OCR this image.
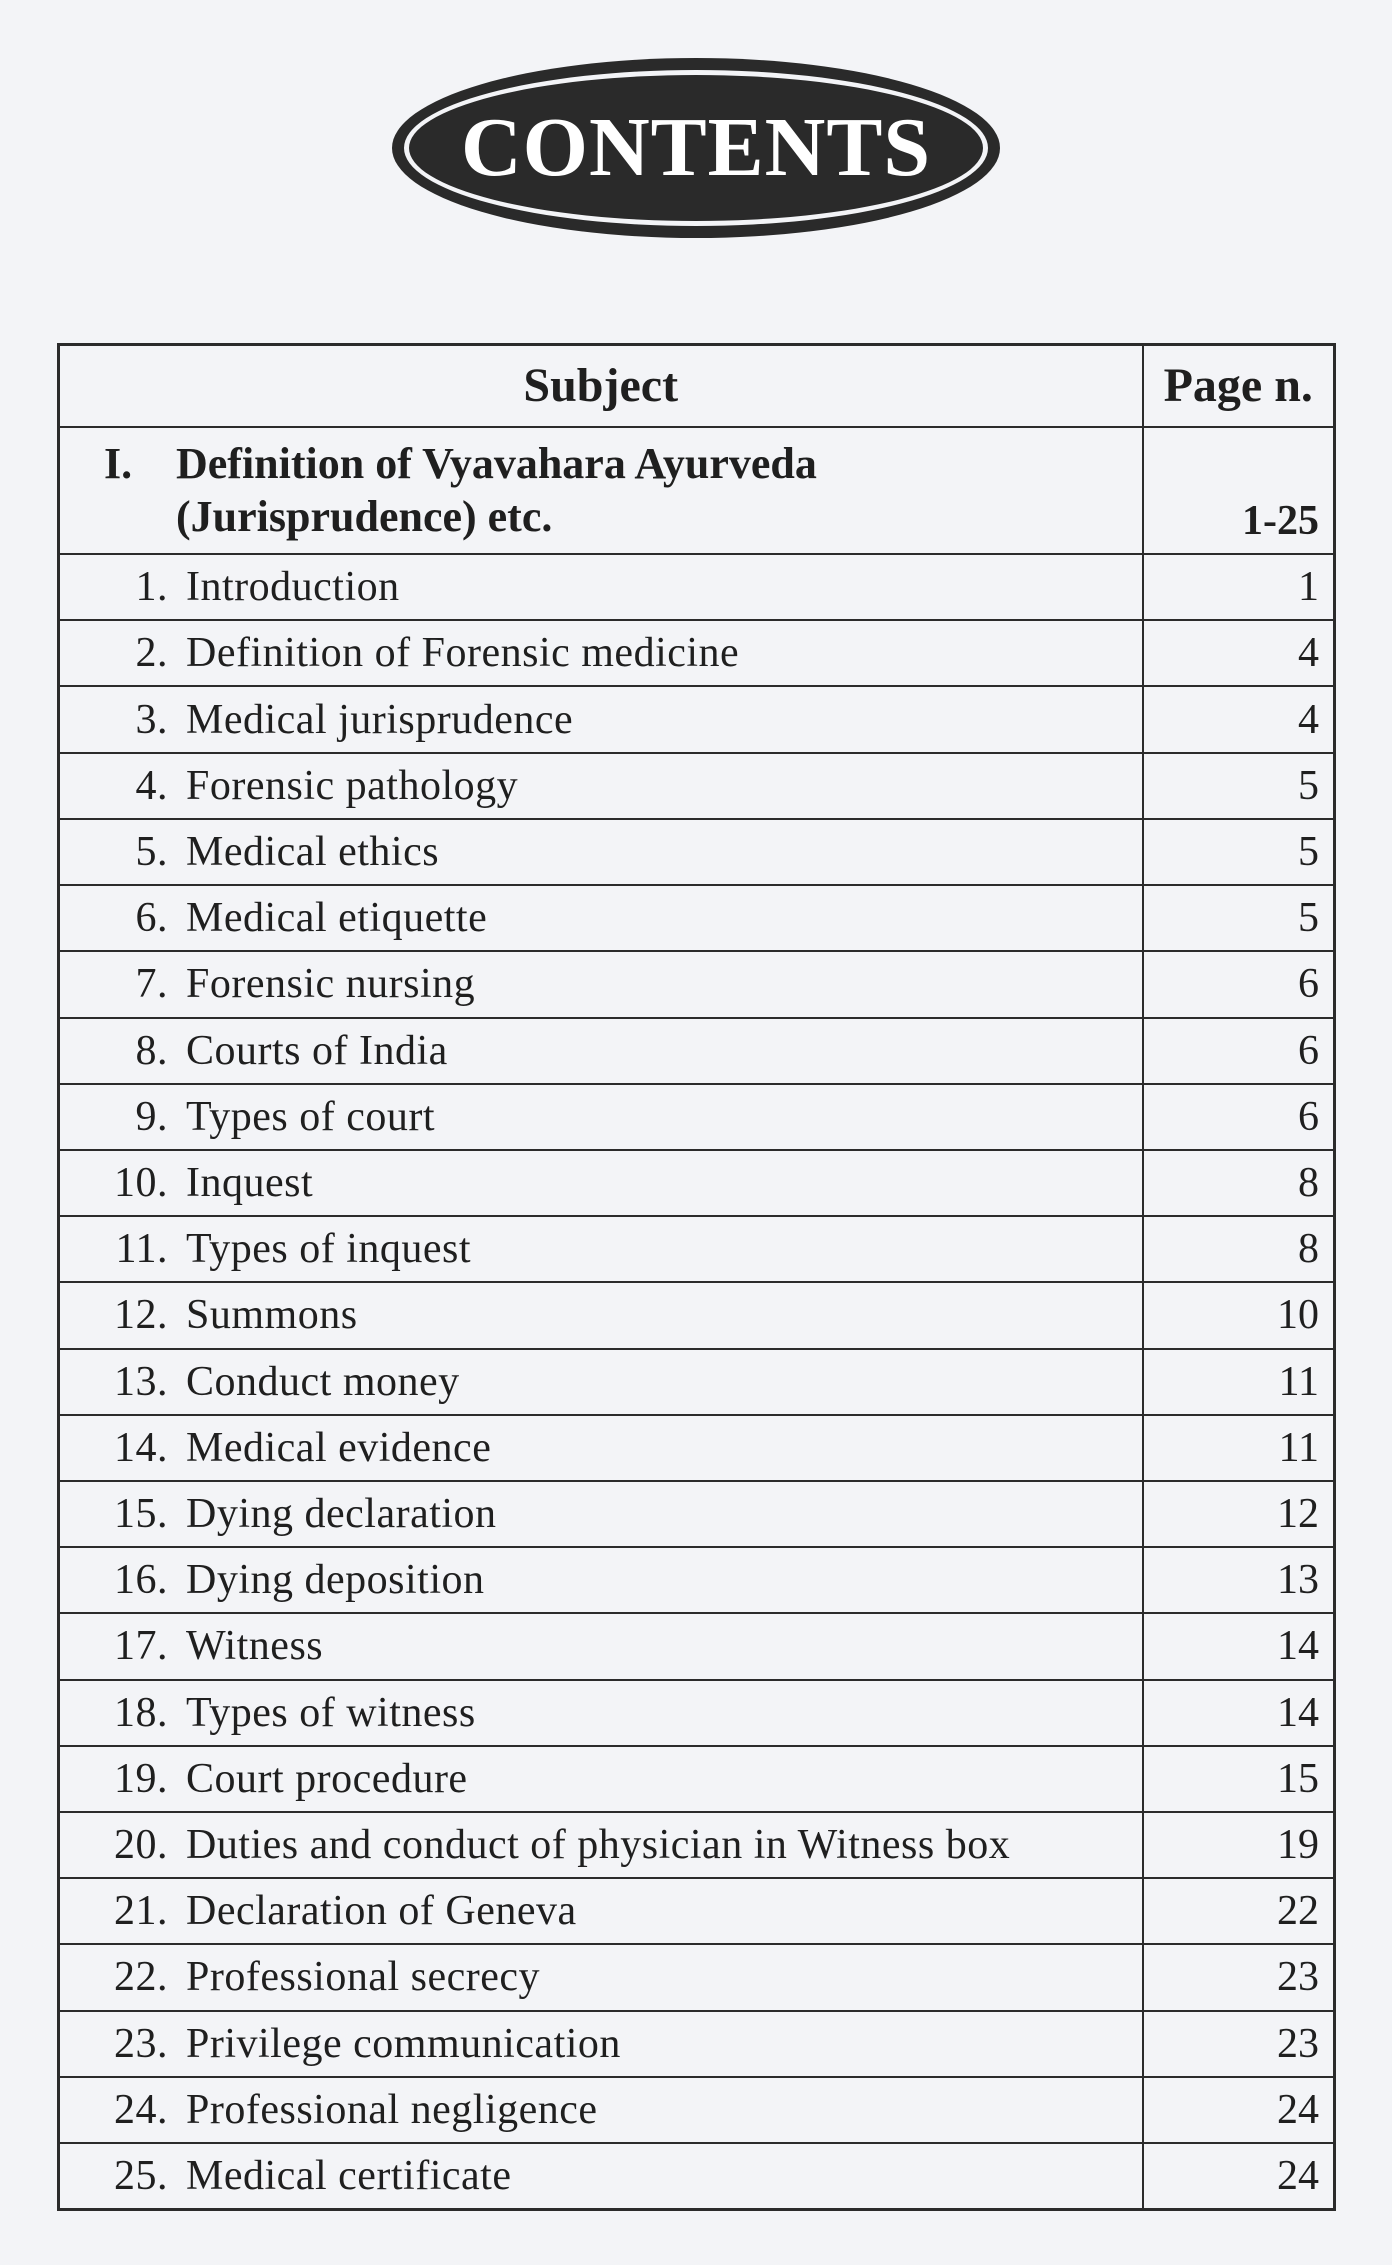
CONTENTS
Subject	Page n.
I. Definition of Vyavahara Ayurveda
(Jurisprudence) etc.	1-25
1. Introduction	1
2. Definition of Forensic medicine	4
3. Medical jurisprudence	4
4. Forensic pathology	5
5. Medical ethics	5
6. Medical etiquette	5
7. Forensic nursing	6
8. Courts of India	6
9. Types of court	6
10. Inquest	8
11. Types of inquest	8
12. Summons	10
13. Conduct money	11
14. Medical evidence	11
15. Dying declaration	12
16. Dying deposition	13
17. Witness	14
18. Types of witness	14
19. Court procedure	15
20. Duties and conduct of physician in Witness box	19
21. Declaration of Geneva	22
22. Professional secrecy	23
23. Privilege communication	23
24. Professional negligence	24
25. Medical certificate	24
